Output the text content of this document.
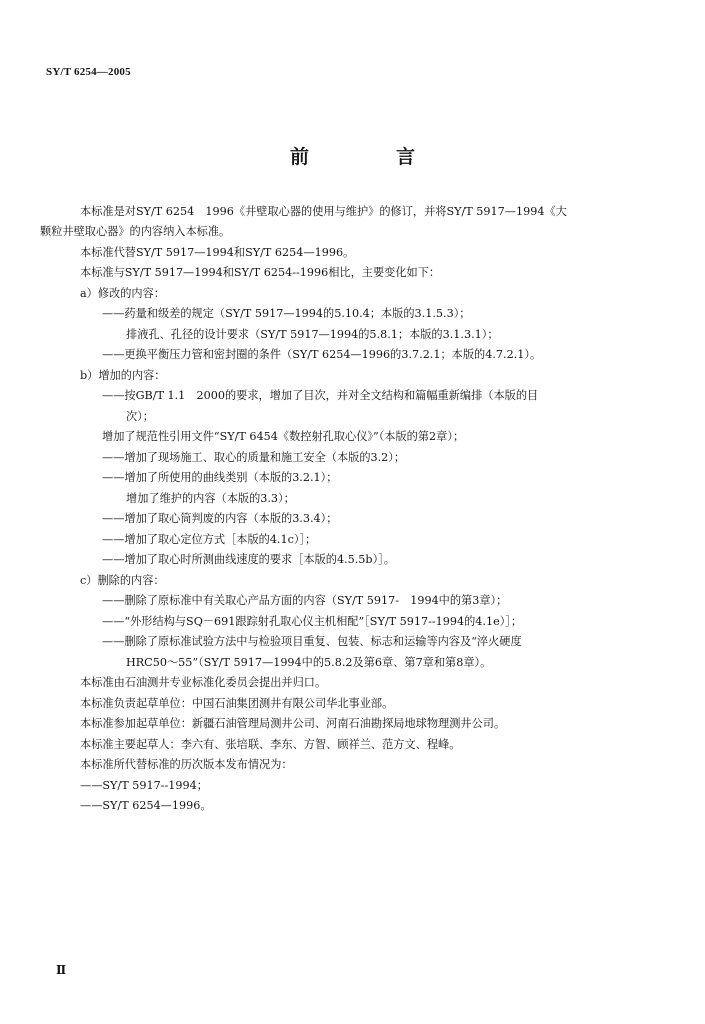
SY/T 6254—2005
前　言
本标准是对SY/T 6254　1996《井壁取心器的使用与维护》的修订，并将SY/T 5917—1994《大
颗粒井壁取心器》的内容纳入本标准。
本标准代替SY/T 5917—1994和SY/T 6254—1996。
本标准与SY/T 5917—1994和SY/T 6254--1996相比，主要变化如下：
a）修改的内容：
——药量和级差的规定（SY/T 5917—1994的5.10.4；本版的3.1.5.3）；
排液孔、孔径的设计要求（SY/T 5917—1994的5.8.1；本版的3.1.3.1）；
——更换平衡压力管和密封圈的条件（SY/T 6254—1996的3.7.2.1；本版的4.7.2.1）。
b）增加的内容：
——按GB/T 1.1　2000的要求，增加了目次，并对全文结构和篇幅重新编排（本版的目
次）；
增加了规范性引用文件“SY/T 6454《数控射孔取心仪》”（本版的第2章）；
——增加了现场施工、取心的质量和施工安全（本版的3.2）；
——增加了所使用的曲线类别（本版的3.2.1）；
增加了维护的内容（本版的3.3）；
——增加了取心筒判废的内容（本版的3.3.4）；
——增加了取心定位方式［本版的4.1c）］；
——增加了取心时所测曲线速度的要求［本版的4.5.5b）］。
c）删除的内容：
——删除了原标准中有关取心产品方面的内容（SY/T 5917-　1994中的第3章）；
——“外形结构与SQ－691跟踪射孔取心仪主机相配”［SY/T 5917--1994的4.1e）］；
——删除了原标准试验方法中与检验项目重复、包装、标志和运输等内容及“淬火硬度
HRC50～55”（SY/T 5917—1994中的5.8.2及第6章、第7章和第8章）。
本标准由石油测井专业标准化委员会提出并归口。
本标准负责起草单位：中国石油集团测井有限公司华北事业部。
本标准参加起草单位：新疆石油管理局测井公司、河南石油勘探局地球物理测井公司。
本标准主要起草人：李六有、张培联、李东、方智、顾祥兰、范方文、程峰。
本标准所代替标准的历次版本发布情况为：
——SY/T 5917--1994；
——SY/T 6254—1996。
Ⅱ
